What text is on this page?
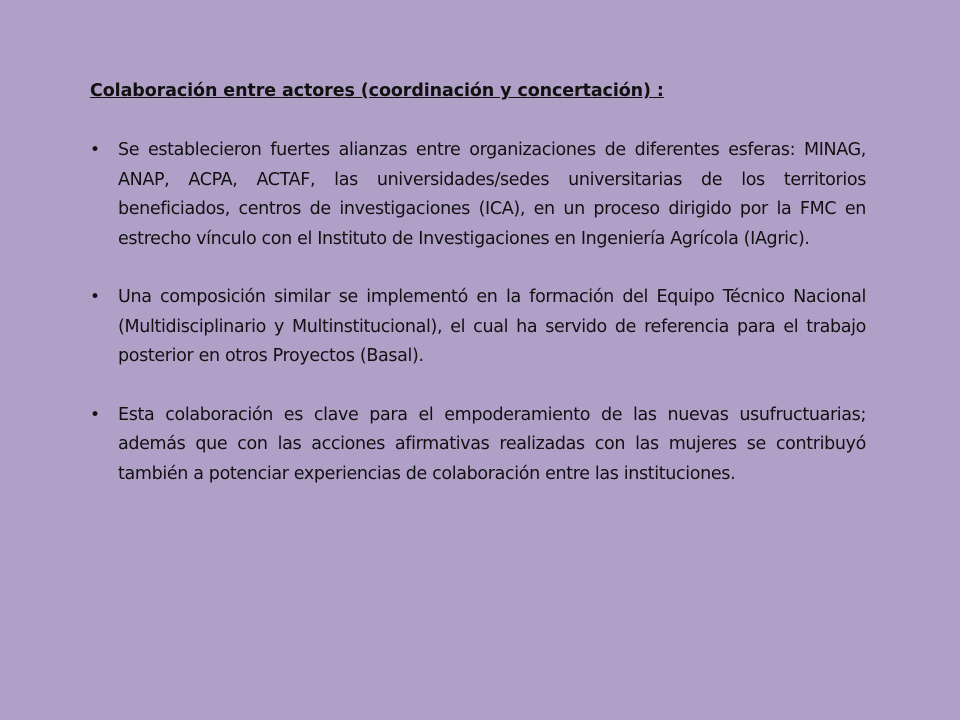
Colaboración entre actores (coordinación y concertación) :
• Se establecieron fuertes alianzas entre organizaciones de diferentes esferas: MINAG, ANAP, ACPA, ACTAF, las universidades/sedes universitarias de los territorios beneficiados, centros de investigaciones (ICA), en un proceso dirigido por la FMC en estrecho vínculo con el Instituto de Investigaciones en Ingeniería Agrícola (IAgric).
• Una composición similar se implementó en la formación del Equipo Técnico Nacional (Multidisciplinario y Multinstitucional), el cual ha servido de referencia para el trabajo posterior en otros Proyectos (Basal).
• Esta colaboración es clave para el empoderamiento de las nuevas usufructuarias; además que con las acciones afirmativas realizadas con las mujeres se contribuyó también a potenciar experiencias de colaboración entre las instituciones.
